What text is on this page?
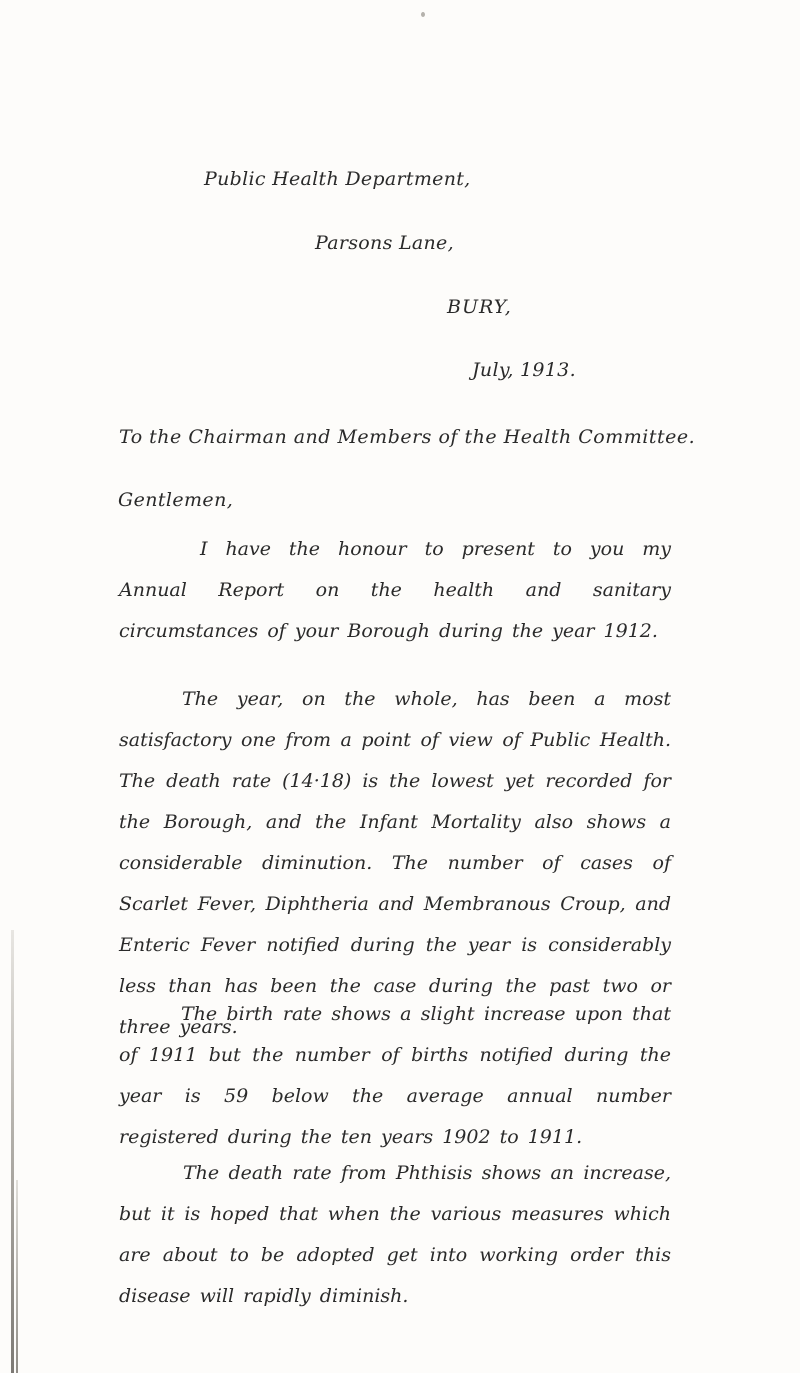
Public Health Department,
Parsons Lane,
BURY,
July, 1913.
To the Chairman and Members of the Health Committee.
Gentlemen,

I have the honour to present to you my Annual Report on the health and sanitary circumstances of your Borough during the year 1912.

The year, on the whole, has been a most satisfactory one from a point of view of Public Health. The death rate (14·18) is the lowest yet recorded for the Borough, and the Infant Mortality also shows a considerable diminution. The number of cases of Scarlet Fever, Diphtheria and Membranous Croup, and Enteric Fever notified during the year is considerably less than has been the case during the past two or three years.

The birth rate shows a slight increase upon that of 1911 but the number of births notified during the year is 59 below the average annual number registered during the ten years 1902 to 1911.

The death rate from Phthisis shows an increase, but it is hoped that when the various measures which are about to be adopted get into working order this disease will rapidly diminish.
